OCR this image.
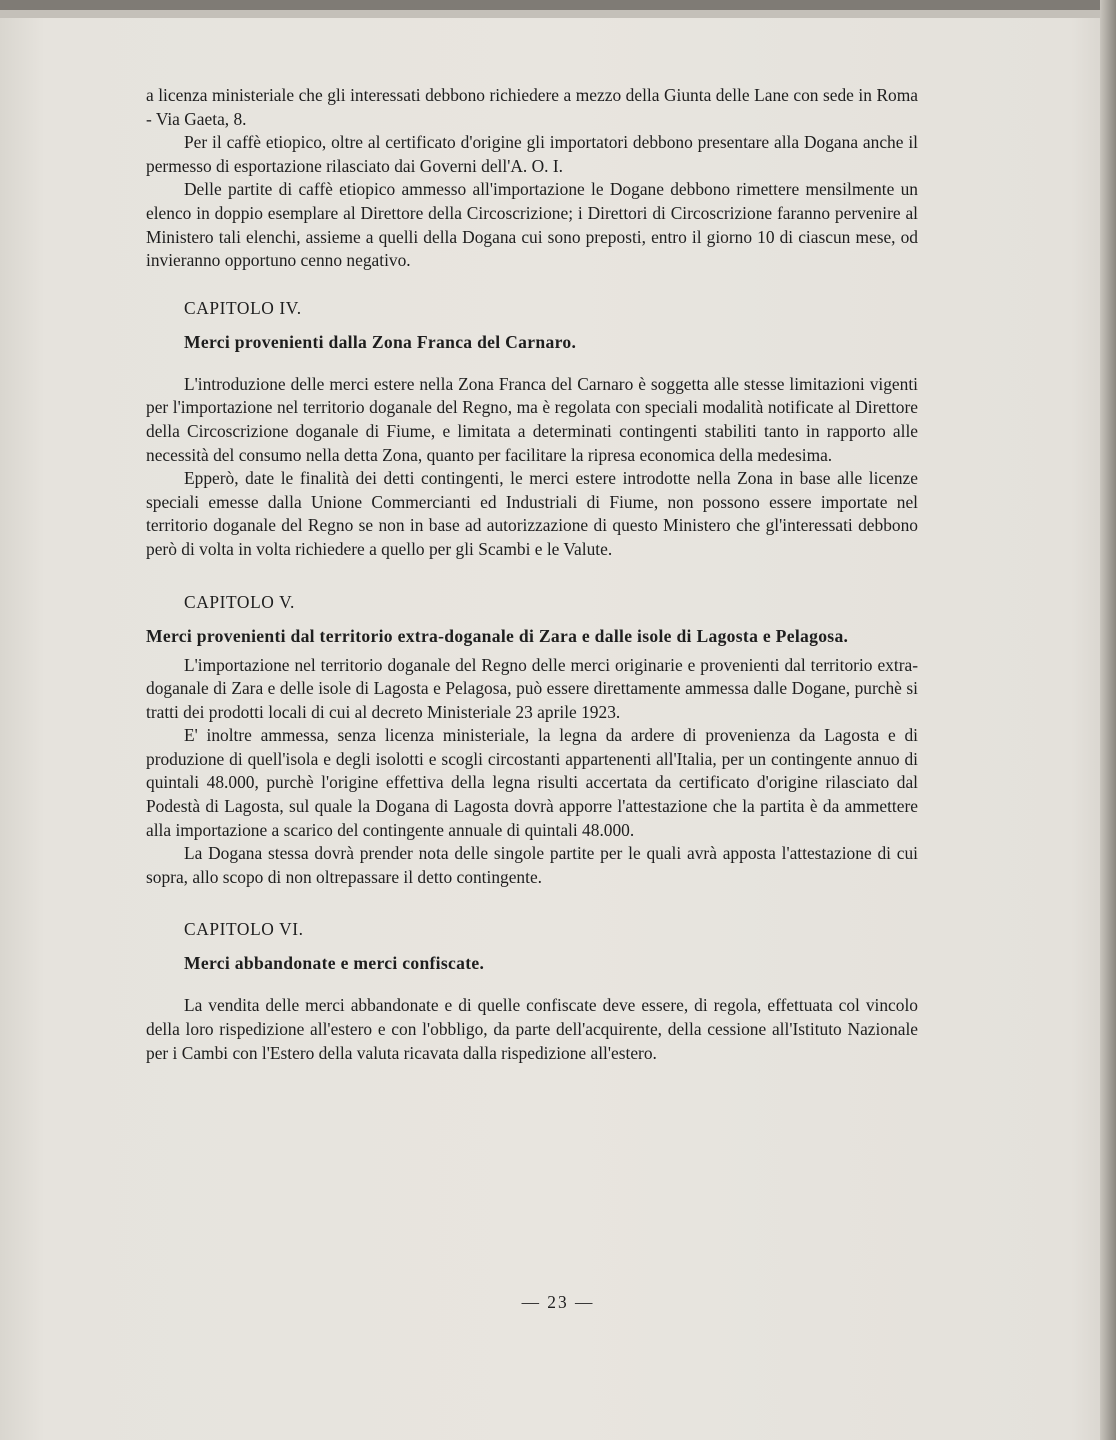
a licenza ministeriale che gli interessati debbono richiedere a mezzo della Giunta delle Lane con sede in Roma - Via Gaeta, 8.

Per il caffè etiopico, oltre al certificato d'origine gli importatori debbono presentare alla Dogana anche il permesso di esportazione rilasciato dai Governi dell'A. O. I.

Delle partite di caffè etiopico ammesso all'importazione le Dogane debbono rimettere mensilmente un elenco in doppio esemplare al Direttore della Circoscrizione; i Direttori di Circoscrizione faranno pervenire al Ministero tali elenchi, assieme a quelli della Dogana cui sono preposti, entro il giorno 10 di ciascun mese, od invieranno opportuno cenno negativo.

CAPITOLO IV.

Merci provenienti dalla Zona Franca del Carnaro.

L'introduzione delle merci estere nella Zona Franca del Carnaro è soggetta alle stesse limitazioni vigenti per l'importazione nel territorio doganale del Regno, ma è regolata con speciali modalità notificate al Direttore della Circoscrizione doganale di Fiume, e limitata a determinati contingenti stabiliti tanto in rapporto alle necessità del consumo nella detta Zona, quanto per facilitare la ripresa economica della medesima.

Epperò, date le finalità dei detti contingenti, le merci estere introdotte nella Zona in base alle licenze speciali emesse dalla Unione Commercianti ed Industriali di Fiume, non possono essere importate nel territorio doganale del Regno se non in base ad autorizzazione di questo Ministero che gl'interessati debbono però di volta in volta richiedere a quello per gli Scambi e le Valute.

CAPITOLO V.

Merci provenienti dal territorio extra-doganale di Zara e dalle isole di Lagosta e Pelagosa.

L'importazione nel territorio doganale del Regno delle merci originarie e provenienti dal territorio extra-doganale di Zara e delle isole di Lagosta e Pelagosa, può essere direttamente ammessa dalle Dogane, purchè si tratti dei prodotti locali di cui al decreto Ministeriale 23 aprile 1923.

E' inoltre ammessa, senza licenza ministeriale, la legna da ardere di provenienza da Lagosta e di produzione di quell'isola e degli isolotti e scogli circostanti appartenenti all'Italia, per un contingente annuo di quintali 48.000, purchè l'origine effettiva della legna risulti accertata da certificato d'origine rilasciato dal Podestà di Lagosta, sul quale la Dogana di Lagosta dovrà apporre l'attestazione che la partita è da ammettere alla importazione a scarico del contingente annuale di quintali 48.000.

La Dogana stessa dovrà prender nota delle singole partite per le quali avrà apposta l'attestazione di cui sopra, allo scopo di non oltrepassare il detto contingente.

CAPITOLO VI.

Merci abbandonate e merci confiscate.

La vendita delle merci abbandonate e di quelle confiscate deve essere, di regola, effettuata col vincolo della loro rispedizione all'estero e con l'obbligo, da parte dell'acquirente, della cessione all'Istituto Nazionale per i Cambi con l'Estero della valuta ricavata dalla rispedizione all'estero.

— 23 —
